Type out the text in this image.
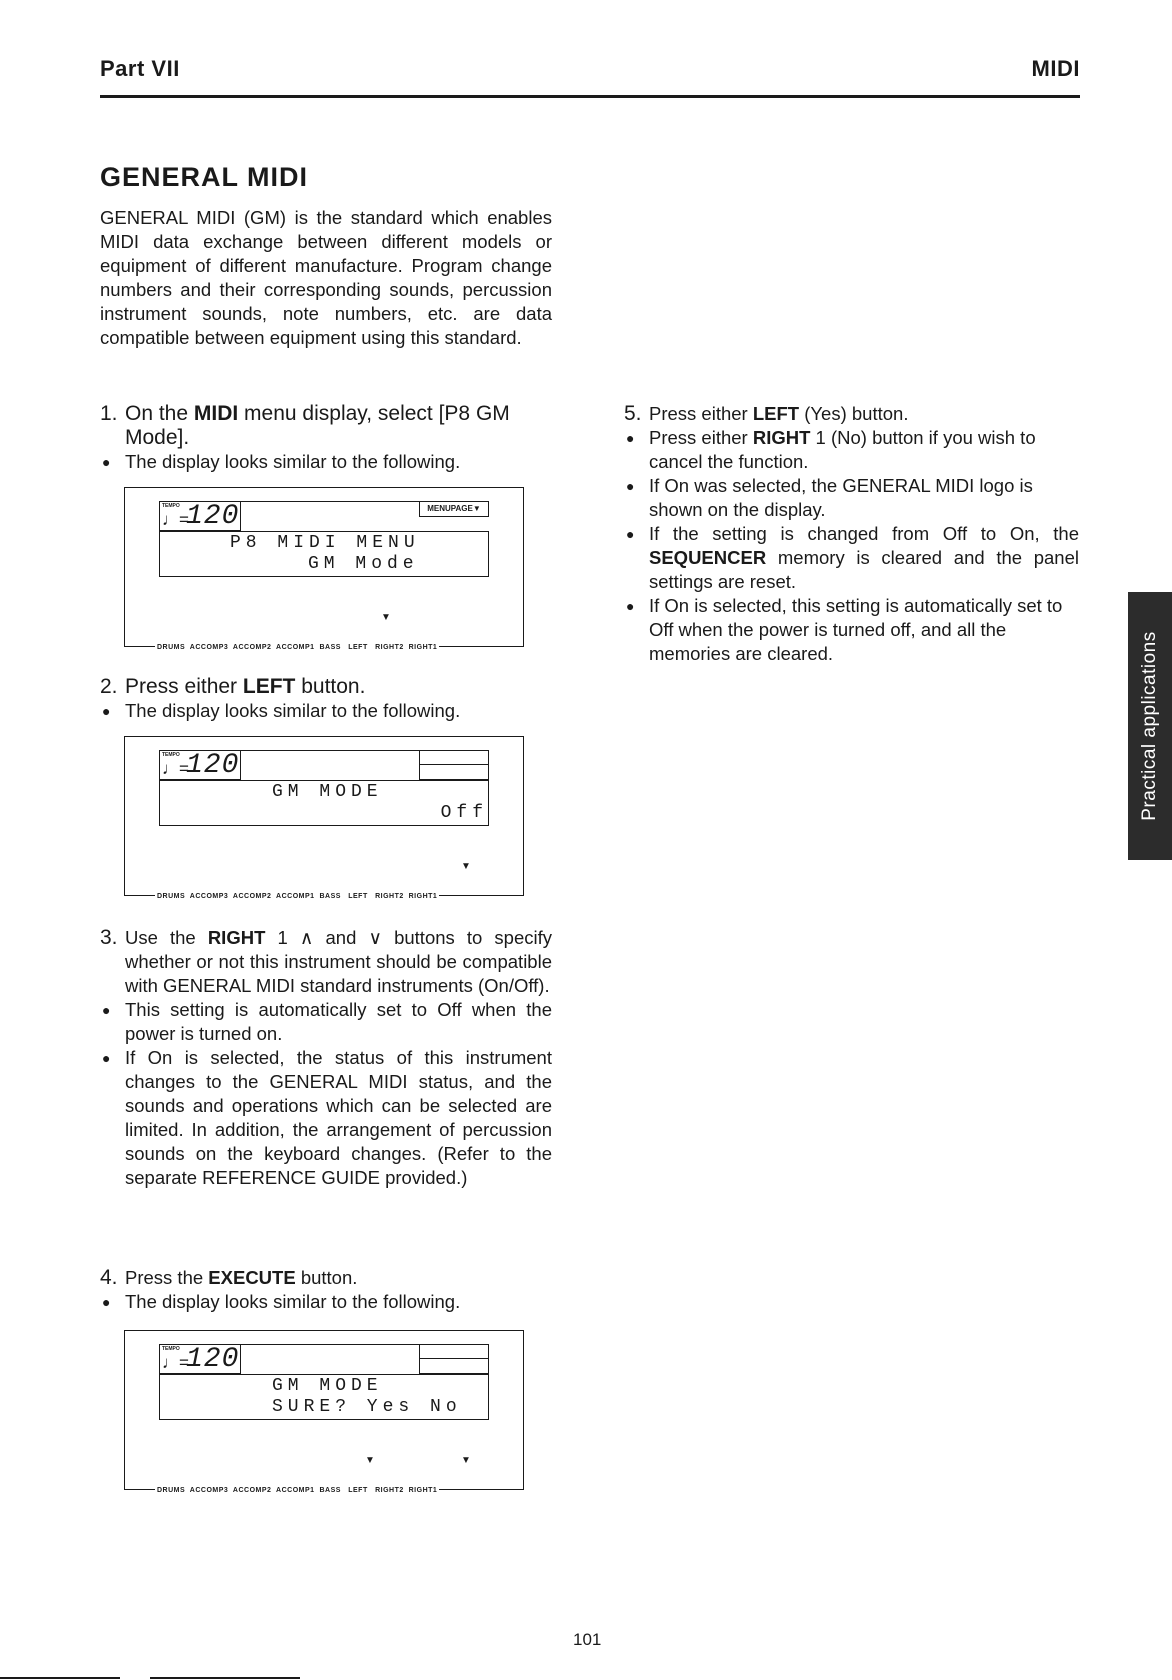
Part VII	MIDI
GENERAL MIDI
GENERAL MIDI (GM) is the standard which enables MIDI data exchange between different models or equipment of different manufacture. Program change numbers and their corresponding sounds, percussion instrument sounds, note numbers, etc. are data compatible between equipment using this standard.
1. On the MIDI menu display, select [P8 GM Mode].
● The display looks similar to the following.
TEMPO
♩=
120	MENUPAGE▼
P8 MIDI MENU
GM Mode
▼
DRUMS  ACCOMP3  ACCOMP2  ACCOMP1  BASS   LEFT   RIGHT2  RIGHT1
2. Press either LEFT button.
● The display looks similar to the following.
TEMPO
♩=
120
GM MODE
Off
▼
DRUMS  ACCOMP3  ACCOMP2  ACCOMP1  BASS   LEFT   RIGHT2  RIGHT1
3. Use the RIGHT 1 ∧ and ∨ buttons to specify whether or not this instrument should be compatible with GENERAL MIDI standard instruments (On/Off).
● This setting is automatically set to Off when the power is turned on.
● If On is selected, the status of this instrument changes to the GENERAL MIDI status, and the sounds and operations which can be selected are limited. In addition, the arrangement of percussion sounds on the keyboard changes. (Refer to the separate REFERENCE GUIDE provided.)
4. Press the EXECUTE button.
● The display looks similar to the following.
TEMPO
♩=
120
GM MODE
SURE? Yes No
▼	▼
DRUMS  ACCOMP3  ACCOMP2  ACCOMP1  BASS   LEFT   RIGHT2  RIGHT1
5. Press either LEFT (Yes) button.
● Press either RIGHT 1 (No) button if you wish to cancel the function.
● If On was selected, the GENERAL MIDI logo is shown on the display.
● If the setting is changed from Off to On, the SEQUENCER memory is cleared and the panel settings are reset.
● If On is selected, this setting is automatically set to Off when the power is turned off, and all the memories are cleared.	Practical applications
101
